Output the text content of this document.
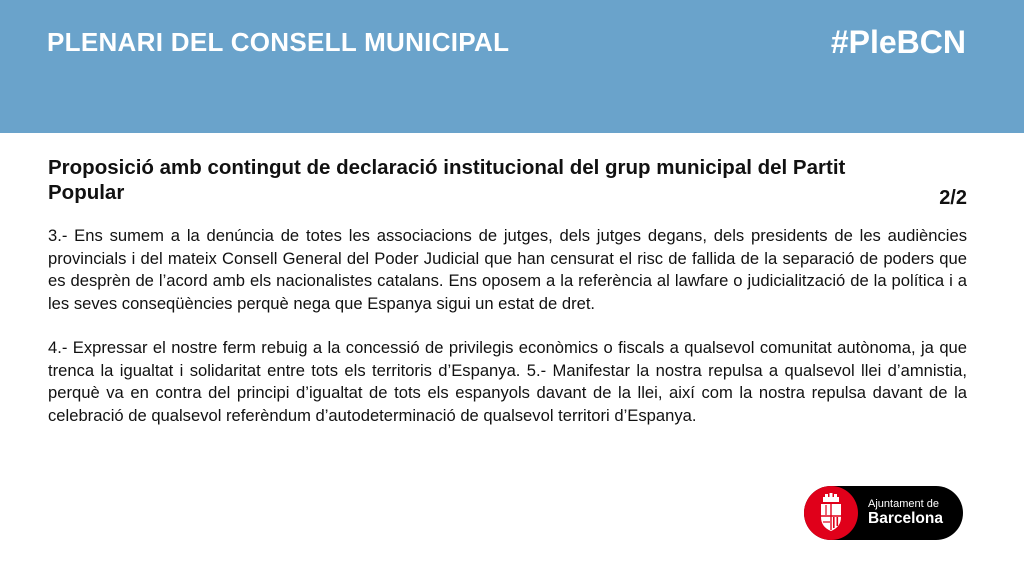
PLENARI DEL CONSELL MUNICIPAL	#PleBCN
Proposició amb contingut de declaració institucional del grup municipal del Partit Popular	2/2

3.- Ens sumem a la denúncia de totes les associacions de jutges, dels jutges degans, dels presidents de les audiències provincials i del mateix Consell General del Poder Judicial que han censurat el risc de fallida de la separació de poders que es desprèn de l’acord amb els nacionalistes catalans. Ens oposem a la referència al lawfare o judicialització de la política i a les seves conseqüències perquè nega que Espanya sigui un estat de dret.

4.- Expressar el nostre ferm rebuig a la concessió de privilegis econòmics o fiscals a qualsevol comunitat autònoma, ja que trenca la igualtat i solidaritat entre tots els territoris d’Espanya. 5.- Manifestar la nostra repulsa a qualsevol llei d’amnistia, perquè va en contra del principi d’igualtat de tots els espanyols davant de la llei, així com la nostra repulsa davant de la celebració de qualsevol referèndum d’autodeterminació de qualsevol territori d’Espanya.

Ajuntament de
Barcelona
